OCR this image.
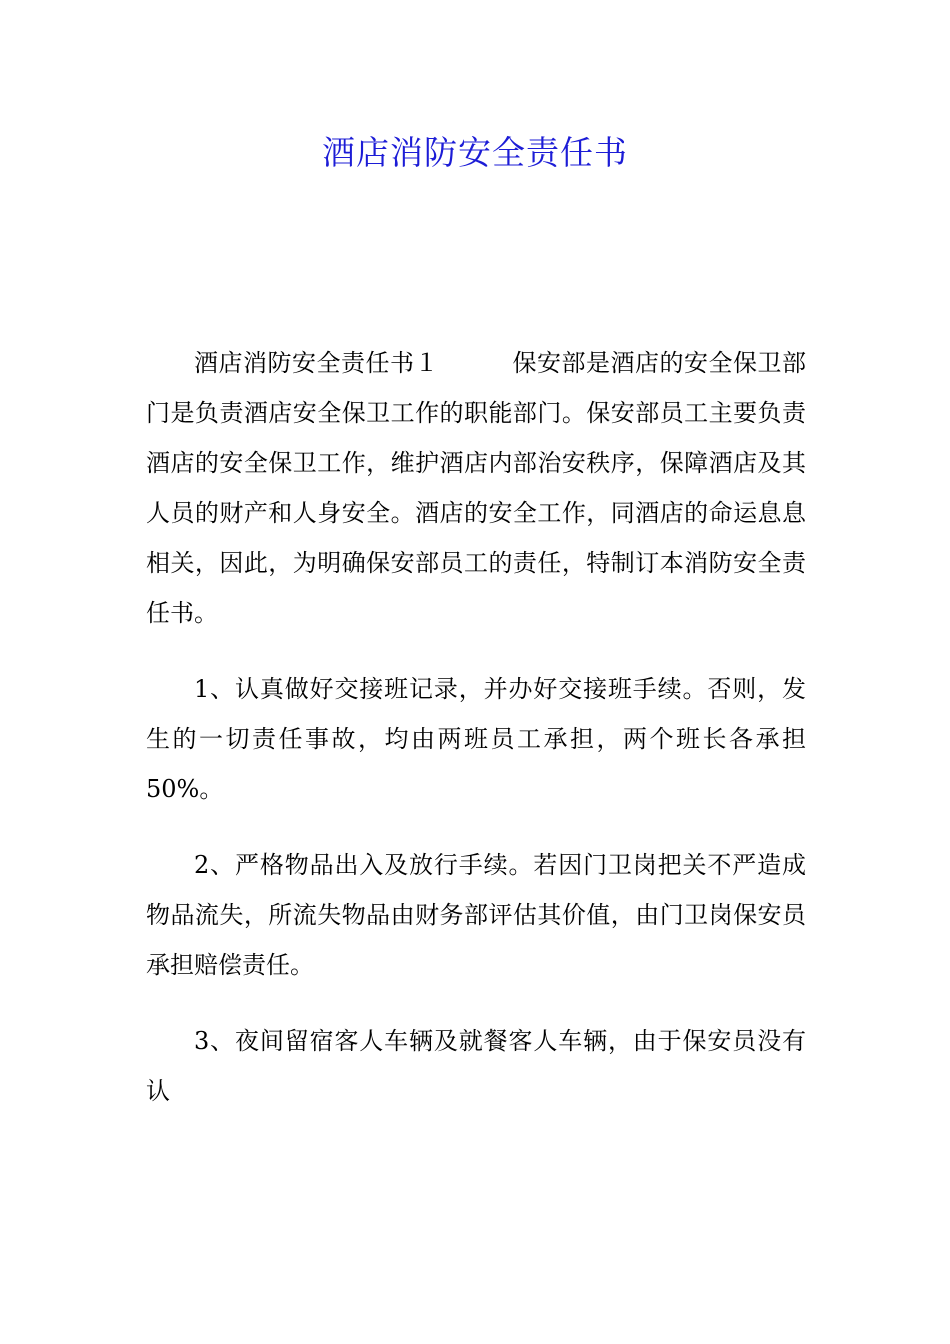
酒店消防安全责任书

酒店消防安全责任书１　　　保安部是酒店的安全保卫部门是负责酒店安全保卫工作的职能部门。保安部员工主要负责酒店的安全保卫工作，维护酒店内部治安秩序，保障酒店及其人员的财产和人身安全。酒店的安全工作，同酒店的命运息息相关，因此，为明确保安部员工的责任，特制订本消防安全责任书。

1、认真做好交接班记录，并办好交接班手续。否则，发生的一切责任事故，均由两班员工承担，两个班长各承担50%。

2、严格物品出入及放行手续。若因门卫岗把关不严造成物品流失，所流失物品由财务部评估其价值，由门卫岗保安员承担赔偿责任。

3、夜间留宿客人车辆及就餐客人车辆，由于保安员没有认
